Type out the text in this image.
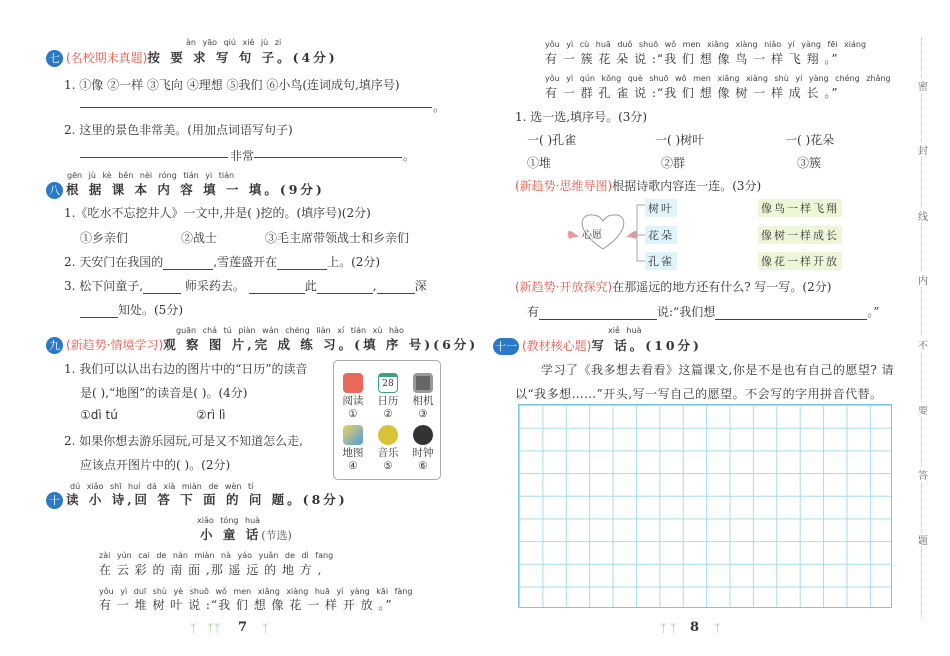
àn yāo qiú xiě jù zi
七 (名校期末真题)按 要 求 写 句 子。(4分)
1. ①像 ②一样 ③飞向 ④理想 ⑤我们 ⑥小鸟(连词成句,填序号)
。
2. 这里的景色非常美。(用加点词语写句子)
非常	。
gēn jù kè běn nèi róng tián yi tián
八 根 据 课 本 内 容 填 一 填。(9分)
1.《吃水不忘挖井人》一文中,井是( )挖的。(填序号)(2分)
①乡亲们	②战士	③毛主席带领战士和乡亲们
2. 天安门在我国的	,雪莲盛开在	上。(2分)
3. 松下问童子,	师采药去。	此	,	深
知处。(5分)
guān chá tú piàn wán chéng liàn xí tián xù hào
九 (新趋势·情境学习)观 察 图 片,完 成 练 习。(填 序 号)(6分)
1. 我们可以认出右边的图片中的“日历”的读音
是( ),“地图”的读音是( )。(4分)
①dì tú	②rì lì
2. 如果你想去游乐园玩,可是又不知道怎么走,
应该点开图片中的( )。(2分)
阅读
①
28
日历
②
相机
③
地图
④
音乐
⑤
时钟
⑥
dú xiǎo shī huí dá xià miàn de wèn tí
十 读 小 诗,回 答 下 面 的 问 题。(8分)
xiǎo tóng huà
小 童 话(节选)
zài yún cai de nán miàn nà yáo yuǎn de dì fang
在 云 彩 的 南 面 ,那 遥 远 的 地 方 ,
yǒu yì duī shù yè shuō wǒ men xiǎng xiàng huā yí yàng kāi fàng
有 一 堆 树 叶 说 :“我 们 想 像 花 一 样 开 放 。”
ᛉ   ᛉᛉ 7 ᛉ
yǒu yì cù huā duǒ shuō wǒ men xiǎng xiàng niǎo yí yàng fēi xiáng
有 一 簇 花 朵 说 :“我 们 想 像 鸟 一 样 飞 翔 。”
yǒu yì qún kǒng què shuō wǒ men xiǎng xiàng shù yí yàng chéng zhǎng
有 一 群 孔 雀 说 :“我 们 想 像 树 一 样 成 长 。”
1. 选一选,填序号。(3分)
一( )孔雀	一( )树叶	一( )花朵
①堆	②群	③簇
(新趋势·思维导图)根据诗歌内容连一连。(3分)
心愿
树叶
花朵
孔雀
像鸟一样飞翔
像树一样成长
像花一样开放
(新趋势·开放探究)在那遥远的地方还有什么? 写一写。(2分)
有	说:“我们想	。”
xiě huà
十一 (教材核心题)写 话。(10分)
学习了《我多想去看看》这篇课文,你是不是也有自己的愿望? 请
以“我多想……”开头,写一写自己的愿望。不会写的字用拼音代替。
ᛉ ᛉ 8 ᛉ
密
封
线
内
不
要
答
题
